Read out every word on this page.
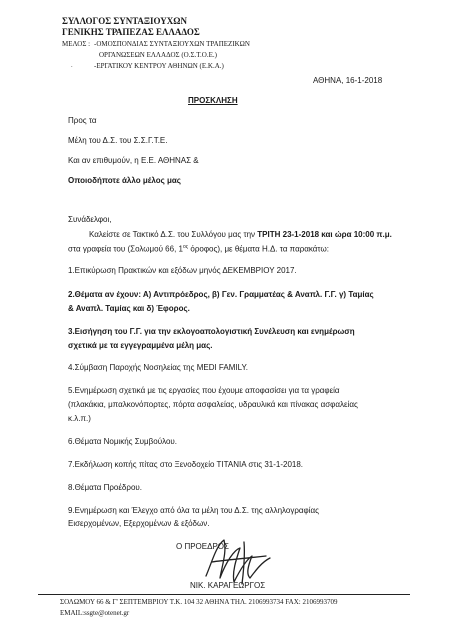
ΣΥΛΛΟΓΟΣ ΣΥΝΤΑΞΙΟΥΧΩΝ
ΓΕΝΙΚΗΣ ΤΡΑΠΕΖΑΣ ΕΛΛΑΔΟΣ
ΜΕΛΟΣ : -ΟΜΟΣΠΟΝΔΙΑΣ ΣΥΝΤΑΞΙΟΥΧΩΝ ΤΡΑΠΕΖΙΚΩΝ
ΟΡΓΑΝΩΣΕΩΝ ΕΛΛΑΔΟΣ (Ο.Σ.Τ.Ο.Ε.)
-ΕΡΓΑΤΙΚΟΥ ΚΕΝΤΡΟΥ ΑΘΗΝΩΝ (Ε.Κ.Α.)
.
ΑΘΗΝΑ, 16-1-2018
ΠΡΟΣΚΛΗΣΗ
Προς τα
Μέλη του Δ.Σ. του Σ.Σ.Γ.Τ.Ε.
Και αν επιθυμούν, η Ε.Ε. ΑΘΗΝΑΣ &
Οποιοδήποτε άλλο μέλος μας
Συνάδελφοι,
Καλείστε σε Τακτικό Δ.Σ. του Συλλόγου μας την ΤΡΙΤΗ 23-1-2018 και ώρα 10:00 π.μ.
στα γραφεία του (Σολωμού 66, $1^{o\varsigma}$ όροφος), με θέματα Η.Δ. τα παρακάτω:
1.Επικύρωση Πρακτικών και εξόδων μηνός ΔΕΚΕΜΒΡΙΟΥ 2017.
2.Θέματα αν έχουν: Α) Αντιπρόεδρος, β) Γεν. Γραμματέας & Αναπλ. Γ.Γ. γ) Ταμίας
& Αναπλ. Ταμίας και δ) Έφορος.
3.Εισήγηση του Γ.Γ. για την εκλογοαπολογιστική Συνέλευση και ενημέρωση
σχετικά με τα εγγεγραμμένα μέλη μας.
4.Σύμβαση Παροχής Νοσηλείας της MEDI FAMILY.
5.Ενημέρωση σχετικά με τις εργασίες που έχουμε αποφασίσει για τα γραφεία
(πλακάκια, μπαλκονόπορτες, πόρτα ασφαλείας, υδραυλικά και πίνακας ασφαλείας
κ.λ.π.)
6.Θέματα Νομικής Συμβούλου.
7.Εκδήλωση κοπής πίτας στο Ξενοδοχείο ΤΙΤΑΝΙΑ στις 31-1-2018.
8.Θέματα Προέδρου.
9.Ενημέρωση και Έλεγχο από όλα τα μέλη του Δ.Σ. της αλληλογραφίας
Εισερχομένων, Εξερχομένων & εξόδων.
Ο ΠΡΟΕΔΡΟΣ
ΝΙΚ. ΚΑΡΑΓΕΩΡΓΟΣ
ΣΟΛΩΜΟΥ 66 & Γ' ΣΕΠΤΕΜΒΡΙΟΥ Τ.Κ. 104 32 ΑΘΗΝΑ ΤΗΛ. 2106993734 FAX: 2106993709
EMAIL:ssgte@otenet.gr
